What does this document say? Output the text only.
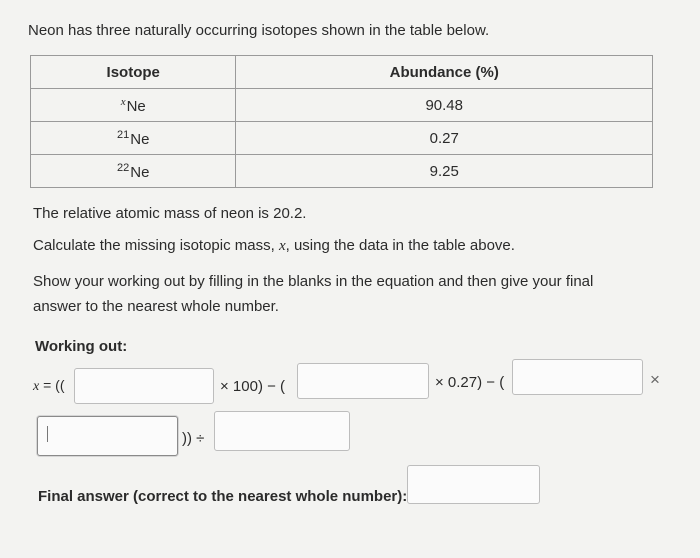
Neon has three naturally occurring isotopes shown in the table below.
Isotope	Abundance (%)
$^x$Ne	90.48
$^{21}$Ne	0.27
$^{22}$Ne	9.25
The relative atomic mass of neon is 20.2.
Calculate the missing isotopic mass, x, using the data in the table above.
Show your working out by filling in the blanks in the equation and then give your final
answer to the nearest whole number.
Working out:
x = ((	× 100) − (	× 0.27) − (	×
)) ÷
Final answer (correct to the nearest whole number):
